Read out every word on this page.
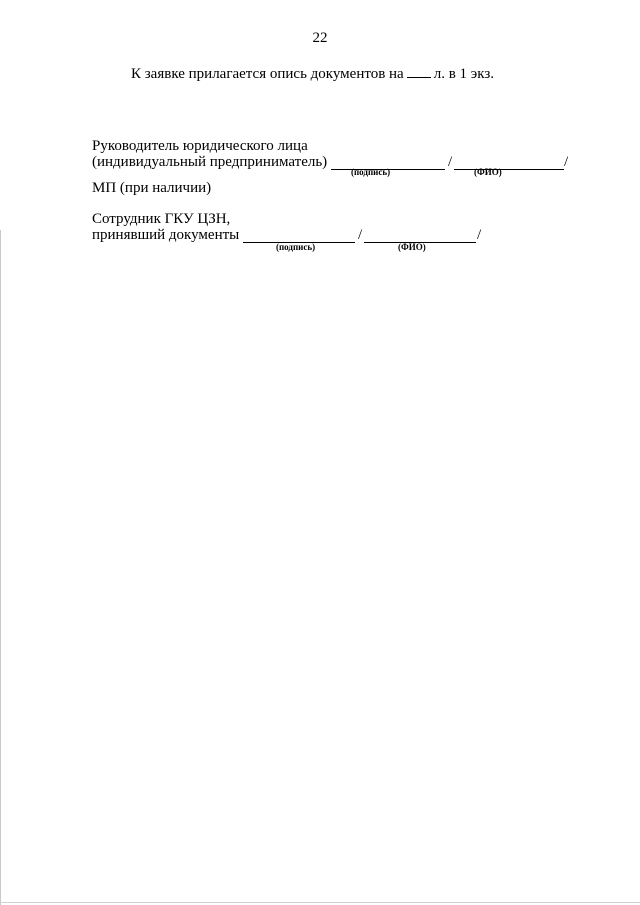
22
К заявке прилагается опись документов на л. в 1 экз.
Руководитель юридического лица
(индивидуальный предприниматель)	/	/
(подпись)	(ФИО)
МП (при наличии)
Сотрудник ГКУ ЦЗН,
принявший документы	/	/
(подпись)	(ФИО)
